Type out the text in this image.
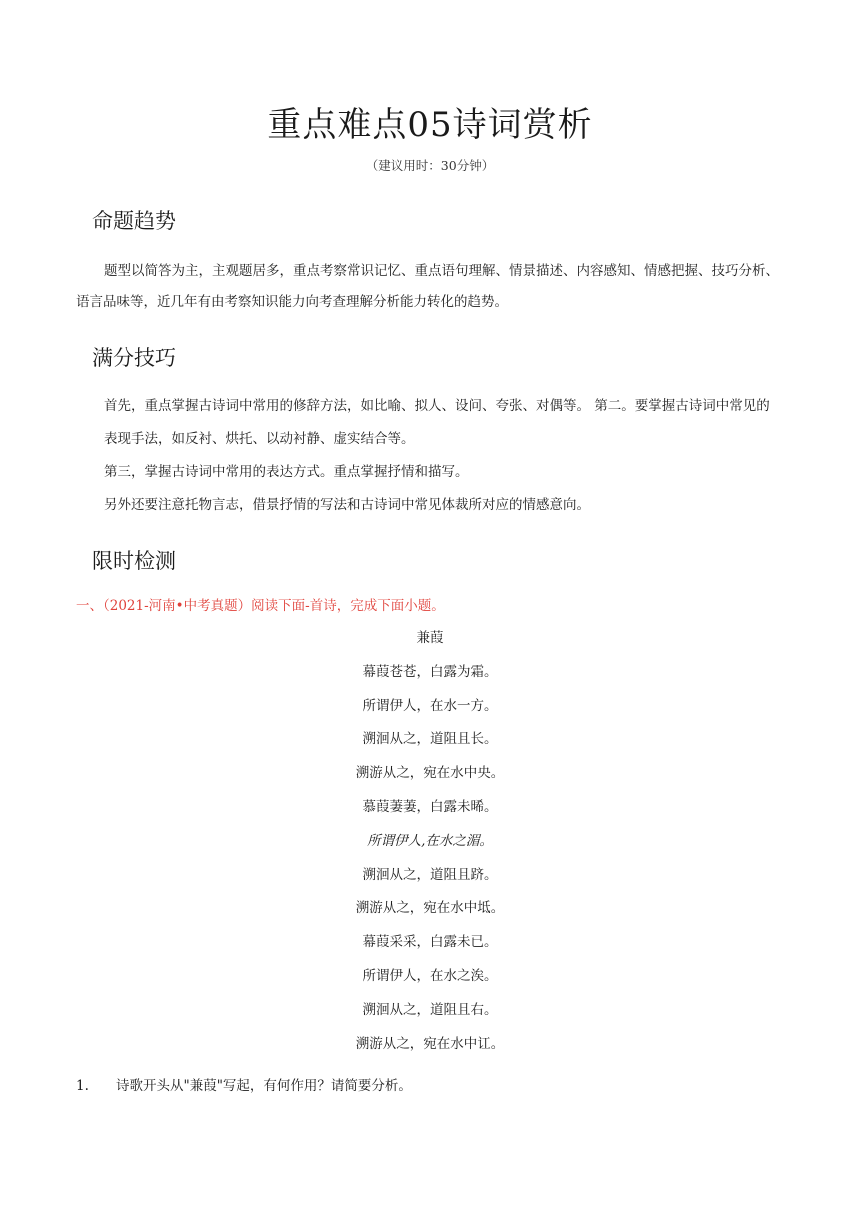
重点难点05诗词赏析
（建议用时：30分钟）
命题趋势
题型以简答为主，主观题居多，重点考察常识记忆、重点语句理解、情景描述、内容感知、情感把握、技巧分析、
语言品味等，近几年有由考察知识能力向考查理解分析能力转化的趋势。
满分技巧
首先，重点掌握古诗词中常用的修辞方法，如比喻、拟人、设问、夸张、对偶等。 第二。要掌握古诗词中常见的
表现手法，如反衬、烘托、以动衬静、虚实结合等。
第三，掌握古诗词中常用的表达方式。重点掌握抒情和描写。
另外还要注意托物言志，借景抒情的写法和古诗词中常见体裁所对应的情感意向。
限时检测
一、（2021-河南•中考真题）阅读下面-首诗，完成下面小题。
兼葭
幕葭苍苍，白露为霜。
所谓伊人，在水一方。
溯洄从之，道阻且长。
溯游从之，宛在水中央。
慕葭萋萋，白露未晞。
所谓伊人,在水之湄。
溯洄从之，道阻且跻。
溯游从之，宛在水中坻。
幕葭采采，白露未已。
所谓伊人，在水之涘。
溯洄从之，道阻且右。
溯游从之，宛在水中讧。
1. 诗歌开头从"兼葭"写起，有何作用？请简要分析。
